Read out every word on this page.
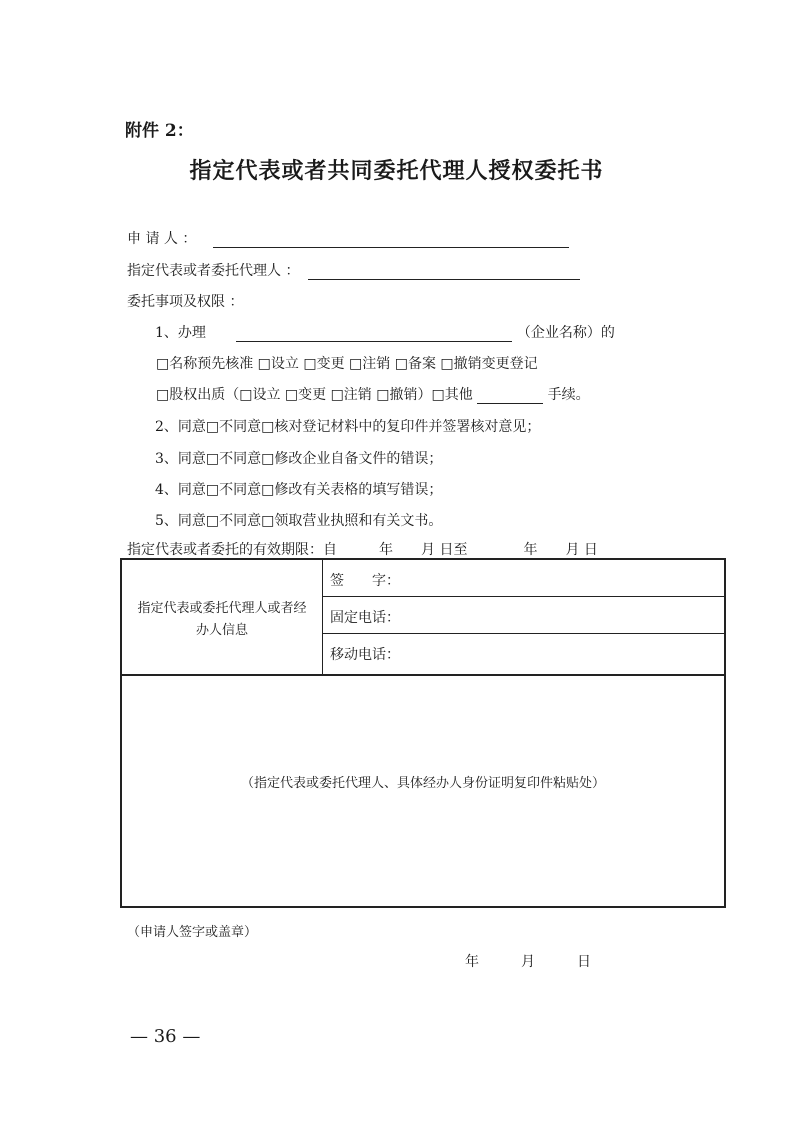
附件 2：
指定代表或者共同委托代理人授权委托书
申 请 人 ：
指定代表或者委托代理人 ：
委托事项及权限 ：
1、办理	（企业名称）的
□名称预先核准 □设立 □变更 □注销 □备案 □撤销变更登记
□股权出质（□设立 □变更 □注销 □撤销）□其他	手续。
2、同意□不同意□核对登记材料中的复印件并签署核对意见；
3、同意□不同意□修改企业自备文件的错误；
4、同意□不同意□修改有关表格的填写错误；
5、同意□不同意□领取营业执照和有关文书。
指定代表或者委托的有效期限：自　　　年　　月 日至　　　　年　　月 日
指定代表或委托代理人或者经
办人信息
签　　字：
固定电话：
移动电话：
（指定代表或委托代理人、具体经办人身份证明复印件粘贴处）
（申请人签字或盖章）
年　　　月　　　日
— 36 —
